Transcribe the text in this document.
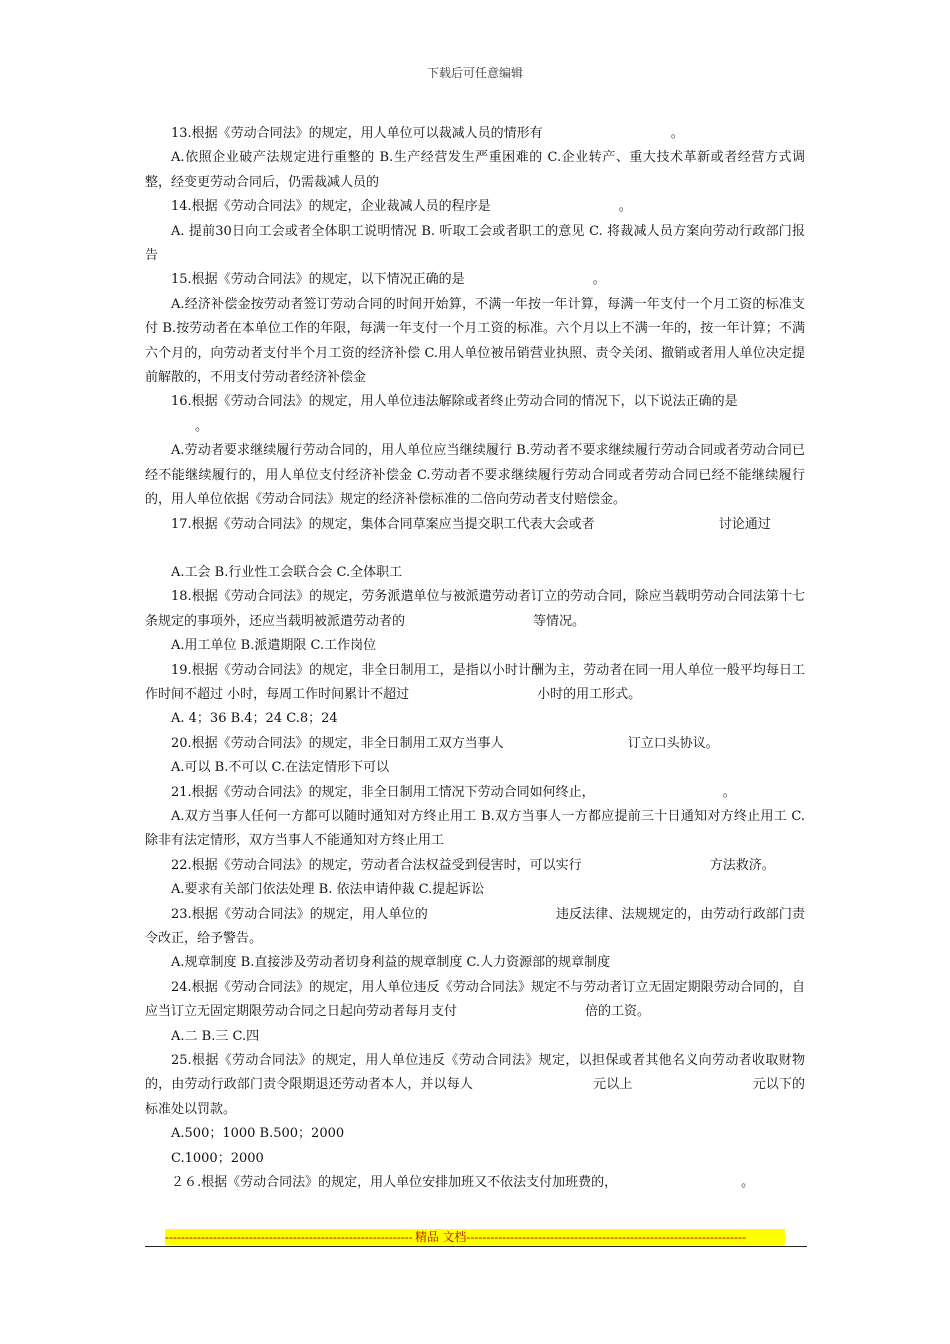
下载后可任意编辑

13.根据《劳动合同法》的规定，用人单位可以裁减人员的情形有	。

A.依照企业破产法规定进行重整的 B.生产经营发生严重困难的 C.企业转产、重大技术革新或者经营方式调整，经变更劳动合同后，仍需裁减人员的

14.根据《劳动合同法》的规定，企业裁减人员的程序是	。

A. 提前30日向工会或者全体职工说明情况 B. 听取工会或者职工的意见 C. 将裁减人员方案向劳动行政部门报告

15.根据《劳动合同法》的规定，以下情况正确的是	。

A.经济补偿金按劳动者签订劳动合同的时间开始算，不满一年按一年计算，每满一年支付一个月工资的标准支付 B.按劳动者在本单位工作的年限，每满一年支付一个月工资的标准。六个月以上不满一年的，按一年计算；不满六个月的，向劳动者支付半个月工资的经济补偿 C.用人单位被吊销营业执照、责令关闭、撤销或者用人单位决定提前解散的，不用支付劳动者经济补偿金

16.根据《劳动合同法》的规定，用人单位违法解除或者终止劳动合同的情况下，以下说法正确的是
。

A.劳动者要求继续履行劳动合同的，用人单位应当继续履行 B.劳动者不要求继续履行劳动合同或者劳动合同已经不能继续履行的，用人单位支付经济补偿金 C.劳动者不要求继续履行劳动合同或者劳动合同已经不能继续履行的，用人单位依据《劳动合同法》规定的经济补偿标准的二倍向劳动者支付赔偿金。

17.根据《劳动合同法》的规定，集体合同草案应当提交职工代表大会或者	讨论通过

A.工会 B.行业性工会联合会 C.全体职工

18.根据《劳动合同法》的规定，劳务派遣单位与被派遣劳动者订立的劳动合同，除应当载明劳动合同法第十七条规定的事项外，还应当载明被派遣劳动者的	等情况。

A.用工单位 B.派遣期限 C.工作岗位

19.根据《劳动合同法》的规定，非全日制用工，是指以小时计酬为主，劳动者在同一用人单位一般平均每日工作时间不超过 小时，每周工作时间累计不超过	小时的用工形式。

A. 4；36 B.4；24 C.8；24

20.根据《劳动合同法》的规定，非全日制用工双方当事人	订立口头协议。

A.可以 B.不可以 C.在法定情形下可以

21.根据《劳动合同法》的规定，非全日制用工情况下劳动合同如何终止，	。

A.双方当事人任何一方都可以随时通知对方终止用工 B.双方当事人一方都应提前三十日通知对方终止用工 C.除非有法定情形，双方当事人不能通知对方终止用工

22.根据《劳动合同法》的规定，劳动者合法权益受到侵害时，可以实行	方法救济。

A.要求有关部门依法处理 B. 依法申请仲裁 C.提起诉讼

23.根据《劳动合同法》的规定，用人单位的	违反法律、法规规定的，由劳动行政部门责令改正，给予警告。

A.规章制度 B.直接涉及劳动者切身利益的规章制度 C.人力资源部的规章制度

24.根据《劳动合同法》的规定，用人单位违反《劳动合同法》规定不与劳动者订立无固定期限劳动合同的，自应当订立无固定期限劳动合同之日起向劳动者每月支付	倍的工资。

A.二 B.三 C.四

25.根据《劳动合同法》的规定，用人单位违反《劳动合同法》规定，以担保或者其他名义向劳动者收取财物的，由劳动行政部门责令限期退还劳动者本人，并以每人	元以上	元以下的标准处以罚款。

A.500；1000 B.500；2000

C.1000；2000

２６.根据《劳动合同法》的规定，用人单位安排加班又不依法支付加班费的，	。

-------------------------------------------------------------- 精品 文档----------------------------------------------------------------------
